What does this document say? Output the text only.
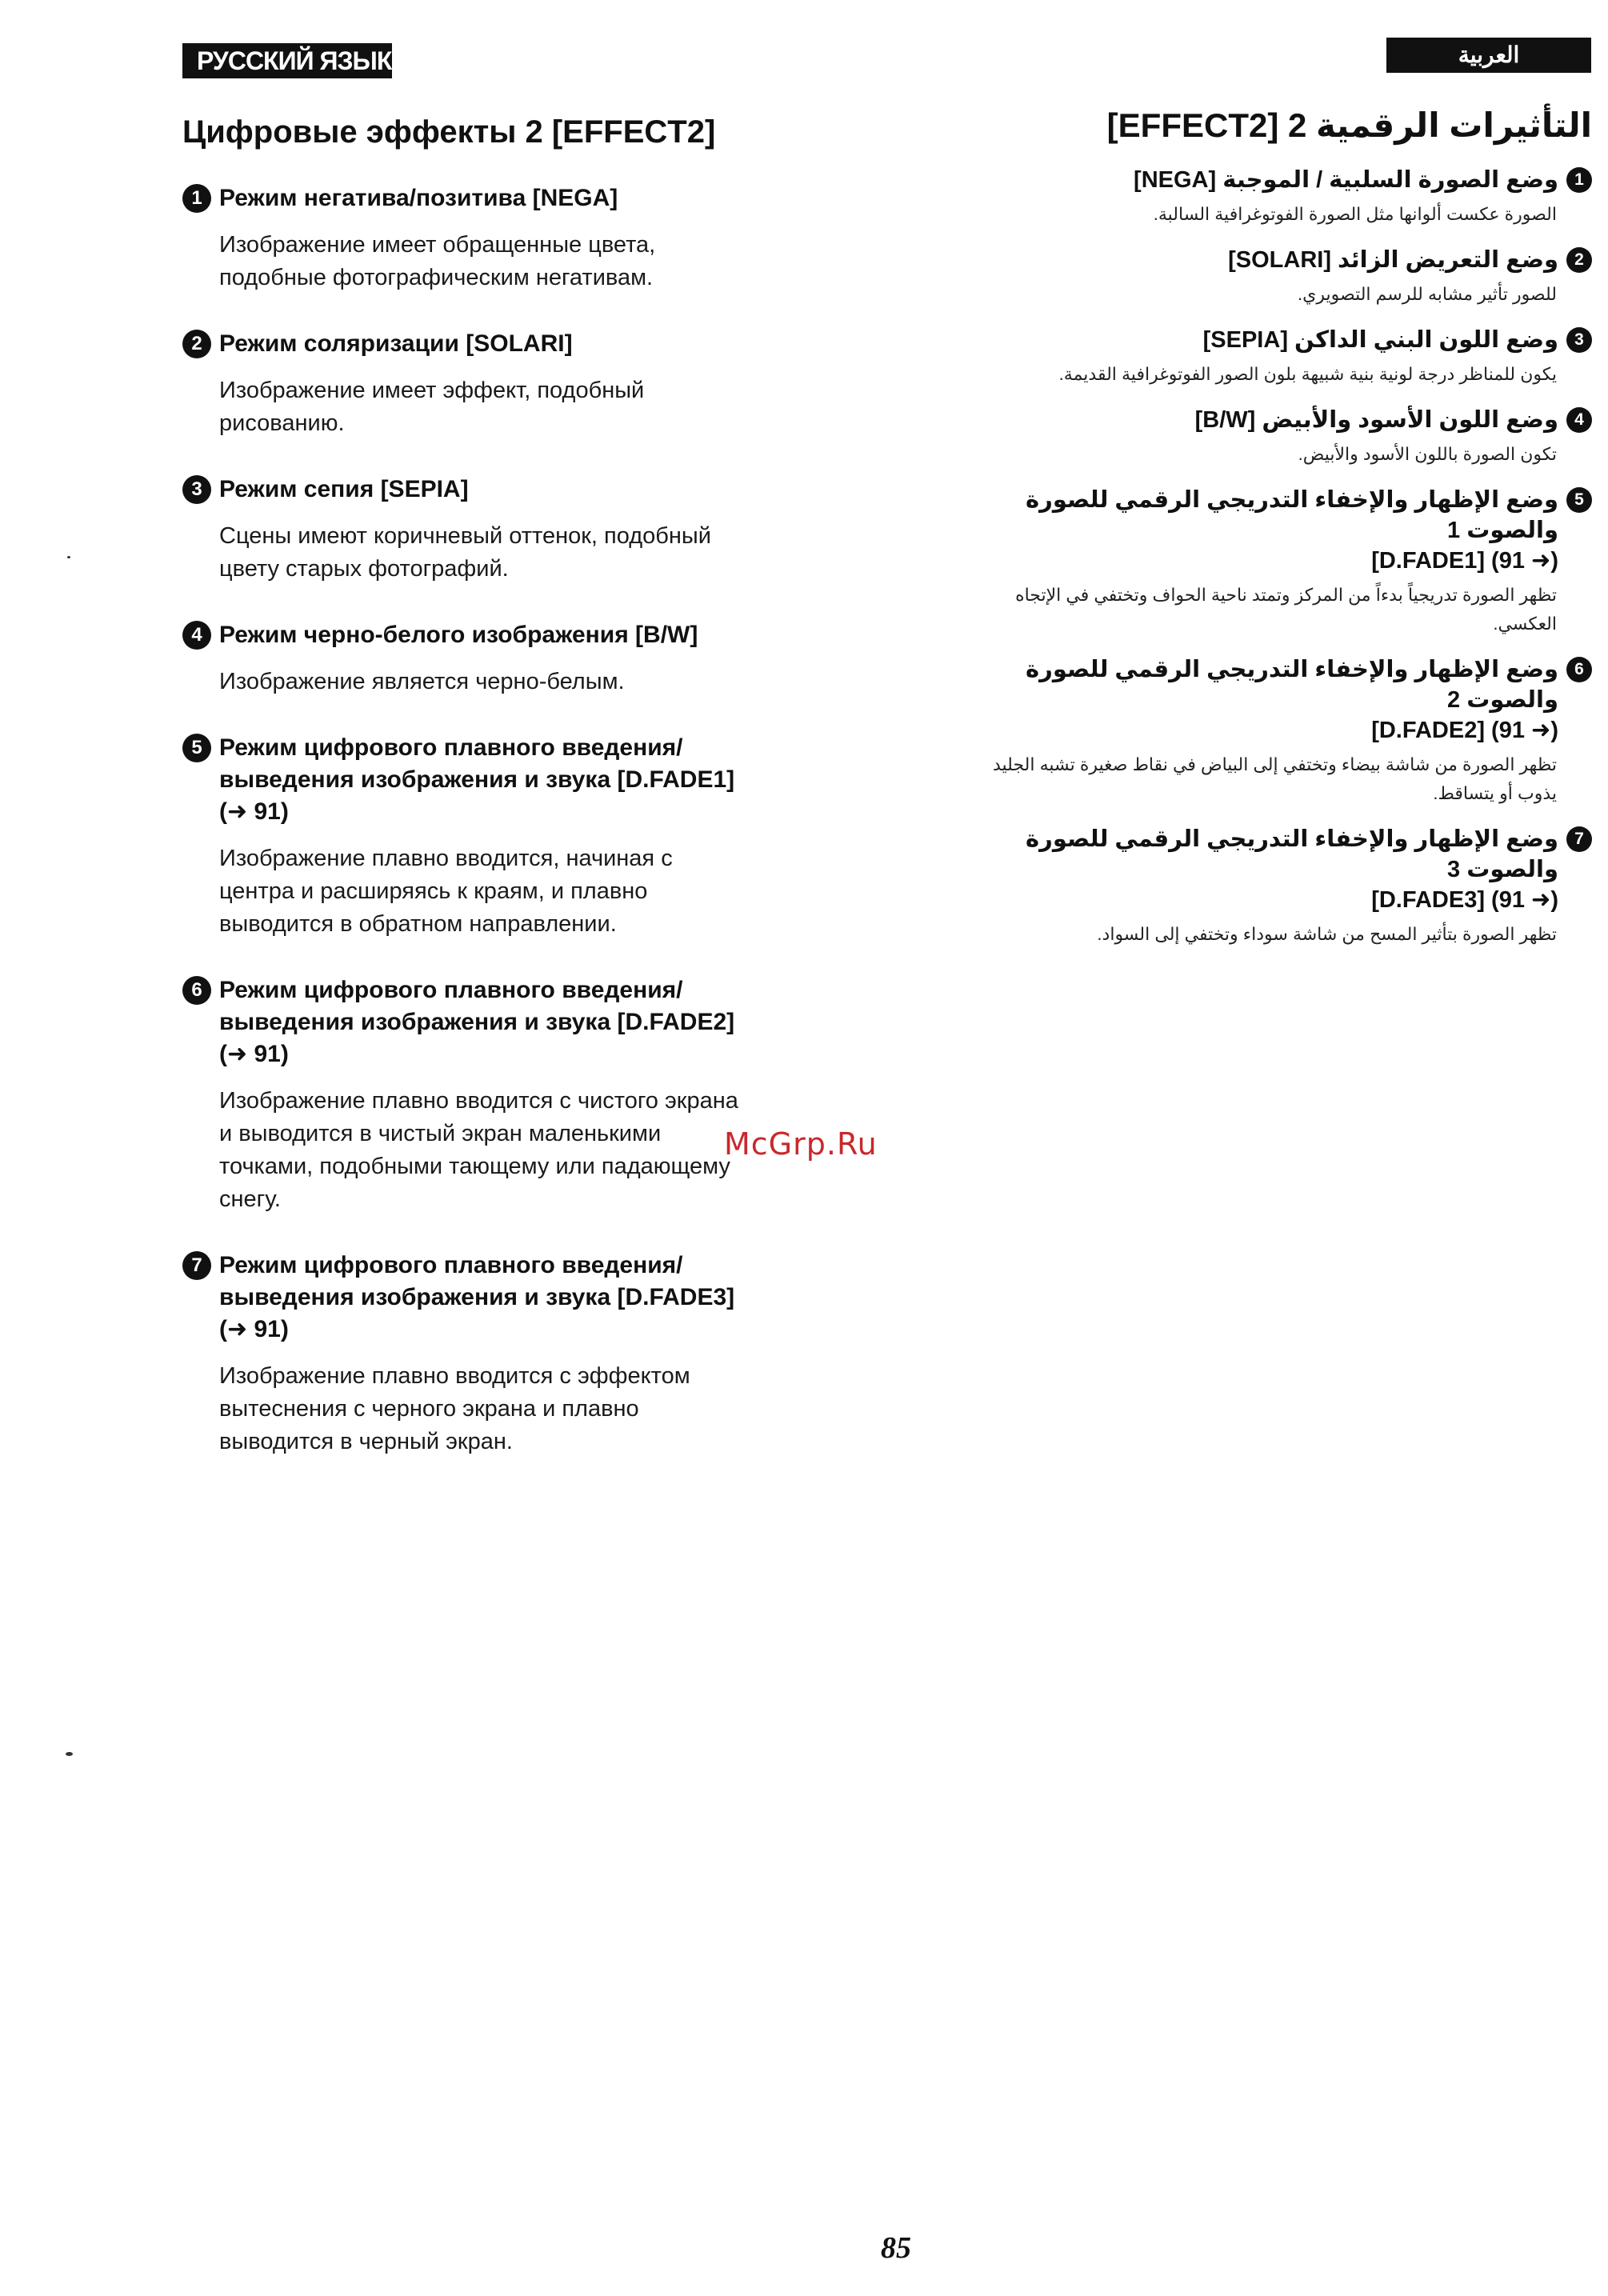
РУССКИЙ ЯЗЫК	العربية
Цифровые эффекты 2 [EFFECT2]
1 Режим негатива/позитива [NEGA]
Изображение имеет обращенные цвета,
подобные фотографическим негативам.
2 Режим соляризации [SOLARI]
Изображение имеет эффект, подобный
рисованию.
3 Режим сепия [SEPIA]
Сцены имеют коричневый оттенок, подобный
цвету старых фотографий.
4 Режим черно-белого изображения [B/W]
Изображение является черно-белым.
5 Режим цифрового плавного введения/
выведения изображения и звука [D.FADE1]
(➜ 91)
Изображение плавно вводится, начиная с
центра и расширяясь к краям, и плавно
выводится в обратном направлении.
6 Режим цифрового плавного введения/
выведения изображения и звука [D.FADE2]
(➜ 91)
Изображение плавно вводится с чистого экрана
и выводится в чистый экран маленькими
точками, подобными тающему или падающему
снегу.
7 Режим цифрового плавного введения/
выведения изображения и звука [D.FADE3]
(➜ 91)
Изображение плавно вводится с эффектом
вытеснения с черного экрана и плавно
выводится в черный экран.
التأثيرات الرقمية 2 [EFFECT2]
1
وضع الصورة السلبية / الموجبة [NEGA]
الصورة عكست ألوانها مثل الصورة الفوتوغرافية السالبة.
2
وضع التعريض الزائد [SOLARI]
للصور تأثير مشابه للرسم التصويري.
3
وضع اللون البني الداكن [SEPIA]
يكون للمناظر درجة لونية بنية شبيهة بلون الصور الفوتوغرافية القديمة.
4
وضع اللون الأسود والأبيض [B/W]
تكون الصورة باللون الأسود والأبيض.
5
وضع الإظهار والإخفاء التدريجي الرقمي للصورة والصوت 1
(➜ 91) [D.FADE1]
تظهر الصورة تدريجياً بدءاً من المركز وتمتد ناحية الحواف وتختفي في الإتجاه
العكسي.
6
وضع الإظهار والإخفاء التدريجي الرقمي للصورة والصوت 2
(➜ 91) [D.FADE2]
تظهر الصورة من شاشة بيضاء وتختفي إلى البياض في نقاط صغيرة تشبه الجليد
يذوب أو يتساقط.
7
وضع الإظهار والإخفاء التدريجي الرقمي للصورة والصوت 3
(➜ 91) [D.FADE3]
تظهر الصورة بتأثير المسح من شاشة سوداء وتختفي إلى السواد.
McGrp.Ru
85
